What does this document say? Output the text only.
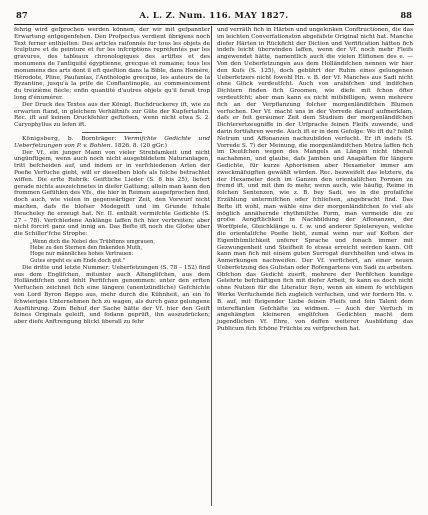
87	A. L. Z. Num. 116. MAY 1827.	88

fehrig wird gefprochen werden können, der wir mit gefpannter Erwartung entgegenfehen. Den Profpectus verdient übrigens noch Text ferner enthielten: Des articles raifonnés fur tous les objets de fculpture et de peinture et fur les infcriptions repréfentés par les gravures, des tableaux chronologiques des artiftes et des monumens de l'antiquité égyptienne, grecque et romaine; tous les monumens des arts dont il eft queftion dans la Bible, dans Homère, Hérodote, Pline, Paufanias, l'Anthologie grecque, les auteurs de la Byzantine, jusqu'à la prife de Conftantinople, au commencement du treizième fiècle; enfin quantité d'autres objets qu'il ferait trop long d'énumérer.

Der Druck des Textes aus der Königl. Buchdruckerey ift, wie zu erwarten ftand, in gleichem Verhältnifs zur Güte der Kupfertafeln. Rec. ift auf keinen Druckfehler geftofsen, wenn nicht etwa S. 2. Caryophyllus zu lefen ift.

Königsberg, b. Bornträger: Vermifchte Gedichte und Ueberfetzungen von P. v. Bohlen. 1826. 8. (20 gGr.)

Der Vf., ein junger Mann von vieler Strebfamkeit und nicht ungünftigem, wenn auch noch nicht ausgebildetem Naturanlagen, tritt befcheiden auf, und indem er in verfchiedenen Arten der Poefie Verfuche giebt, will er dieselben blofs als folche betrachtet wiffen. Die erfte Rubrik: Geiftliche Lieder (S. 8 bis 25), liefert gerade nichts auszeichnetes in diefer Gattung; allein man kann den frommen Gefühlen des Vfs., die hier in Reimen ausgefprochen find, doch auch, wie vielen in gegenwärtiger Zeit, den Vorwurf nicht machen, dafs fie blofser Modegeift und im Grunde fchale Heucheley fie erzeugt hat. Nr. II. enthält vermifchte Gedichte (S. 27 – 78). Verfchiedene Anklänge laffen fich hier verbreiten; aber nicht forcirt ganz und innig an. Das Befte ift noch die Glofse über die Schiller'fche Strophe:

„Wenn dich die Nebel des Trübfinns umgrauen,
Hebe zu den Sternen den finkenden Muth,
Hoge nur männliches hohes Vertrauen:
Gutes ergeht es am Ende doch gut."

Die dritte und letzte Nummer: Ueberfetzungen (S. 78 – 152) find aus dem Englifchen, mitunter auch Altenglifchen, aus dem Holländifchen und fehlt Perfifchen genommen: unter den erften Verfuchen zeichnet fich eine längere (unentzündliche) Gefchichte von Lord Byron Beppo aus, mehr durch die Kühnheit, an ein fo fchwieriges Unternehmen fich zu wagen, als durch ganz gelungene Ausführung. Zum Behuf der Sache hätte der Vf. hier den Geift feines Originals geleift, und fodann geprüft, ihn auszudrücken; aber diefe Anftrengung blickt überall zu fehr

und verräth fich in Härten und ungelenken Conftructionen, die das im leichten Converfationston abgefafste Original nicht hat. Manche diefer Härten in Rückficht der Diction und Verfification hätten fich indefs leicht überwinden laffen, wenn der Vf. noch mehr Fleifs angewendet hätte, namentlich auch die vielen Elifionen des e. — Von den Ueberfetzungen aus dem Holländifchen nennen wir hier den Kufs (S. 125), doch gebührt der Ruhm eines gelungenen Ueberfetzers nicht fowohl Hn. v. B. der Vf. Manches aus Sadi nicht ohne Glück verdeutfcht. Auch von arabifchen und indifchen Dichtern finden fich Groomen, wie diefe mit fchon öfter verdeutfcht; aber man kann es nicht mifsbilligen, wenn mehrere fich an der Verpflanzung folcher morgenländifchen Blumen verfuchen. Der Vf. macht uns in der Vorrede darauf aufmerkfam, dafs er feit geraumer Zeit dem Studium der morgenländifchen Dichterertzeugniffe in der Urfprache feinen Fleifs zuwende, und darin fortfahren werde. Auch ift er in dem Gefolge: Wo ift du? felbft Netrum und Affonanzen nachzubilden verfucht. Er ift indefs (S. Vorrede S. 7) der Meinung, die morgenländifchen Metra laffen fich im Deutfchen wegen des Mangels an Längen nicht überall nachahmen, und glaube, dafs Jamben und Anapäften für längere Gedichte, für kurze Aphorismen aber Hexameter immer am zweckmäfsigften gewählt würden. Rec. bezweifelt das letztere, da der Hexameter doch im Ganzen den orientalifchen Formen zu fremd ift, und mit ihm fo mehr, wenn auch, wie häufig, Reime in folchen Sentenzen, wie z. B. bey Sadi, wo in die profaifche Erzählung untermifchen oder fchliefsen, angebracht find. Das Befte ift wohl, man wähle eins der morgenländifchen fo viel als möglich annähernde rhythmifche Form, man vermeide die zu grofse Aengftlichkeit in Nachbildung der Affonanzen, der Wortfpiele, Gleichklänge u. f. w. und anderer Spielereyen, welche die orientalifche Poefie liebt, zumal wenn nur auf Koften der Eigenthümlichkeit unferer Sprache und fonach immer mit Gezwungenheit und Steifheit fo etwas erreicht werden kann. Oft kann man fich mit einem guten Surrogat durchhelfen und etwa in Anmerkungen nachweifen. Der Vf. verfichert, an einer neuen Ueberfetzung des Gulistan oder Rofengartens von Sadi zu arbeiten. Obfchon das Gedicht zuerft, mehrere der Perfifchen kundige Gelehrte befchäftigen fich mit diefer Arbeit, fo kann es doch nicht ohne Nutzen für die Literatur feyn, wenn an einem fo wichtigen Werke Verfuchende fich zugleich verfuchen, und wir fordern Hn. v. B. auf, mit fteigender Liebe feinen Fleifs und fein Talent dem intereffanten Gefchäfte zu widmen. — Auch der Verfuch in angehängten kleineren englifchen Gedichten macht dem jugendlichen Vf. Ehre, von deffen weiterer Ausbildung das Publicum fich fchöne Früchte zu verfprechen hat.
